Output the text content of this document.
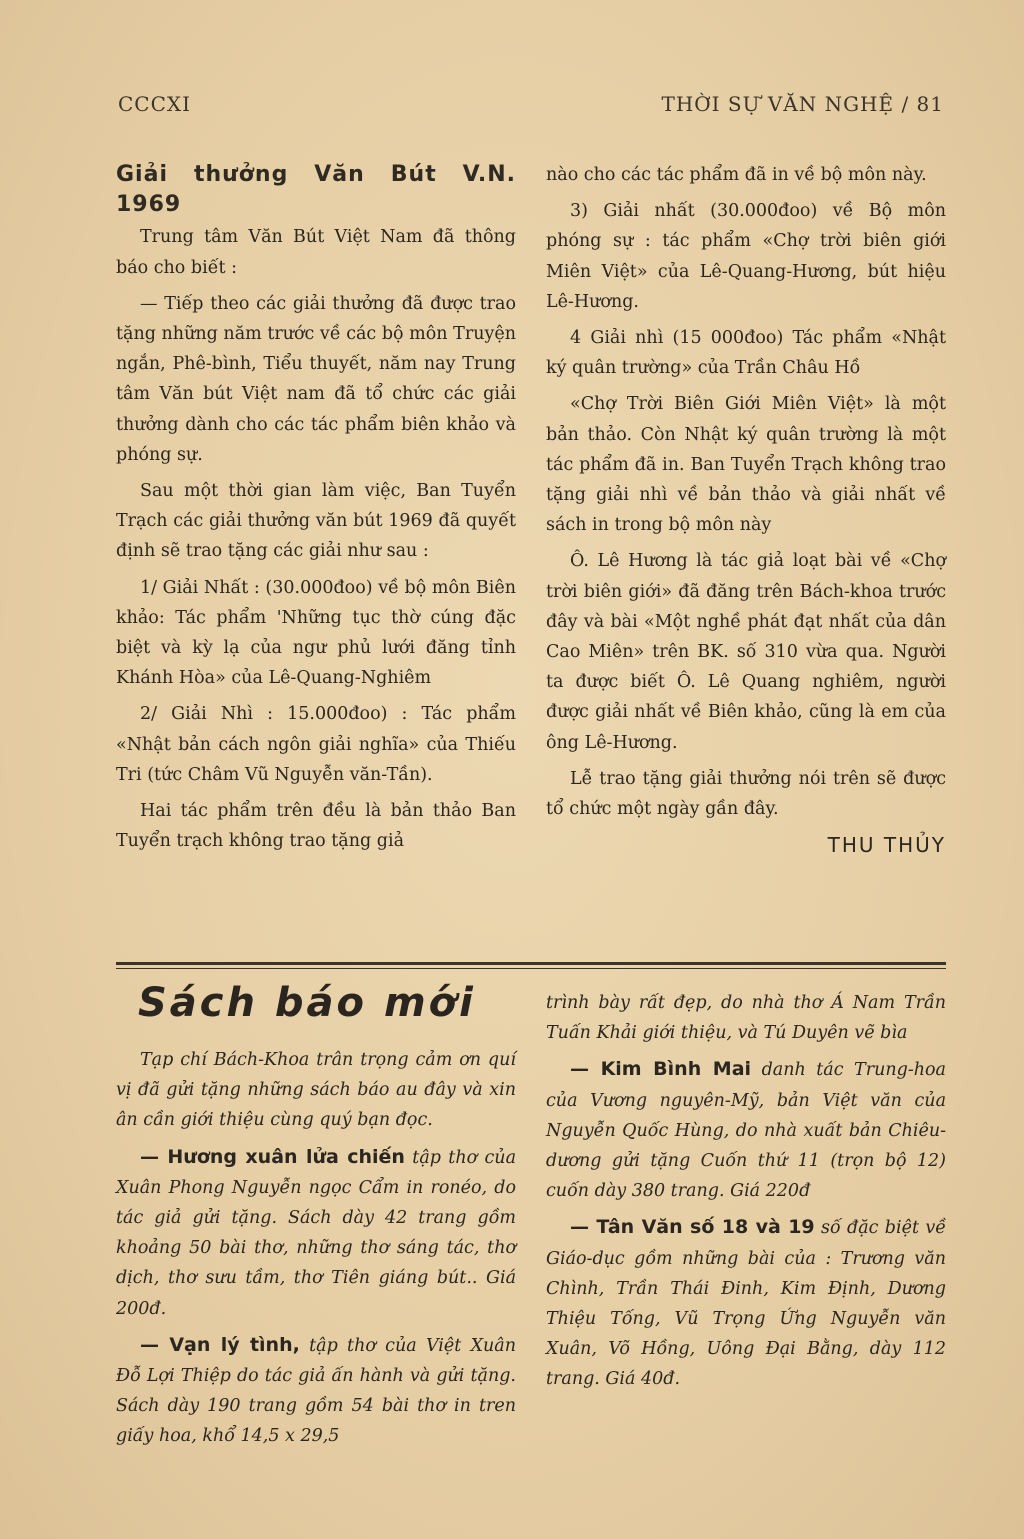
CCCXI	THỜI SỰ VĂN NGHỆ / 81

Giải thưởng Văn Bút V.N. 1969

Trung tâm Văn Bút Việt Nam đã thông báo cho biết :

— Tiếp theo các giải thưởng đã được trao tặng những năm trước về các bộ môn Truyện ngắn, Phê-bình, Tiểu thuyết, năm nay Trung tâm Văn bút Việt nam đã tổ chức các giải thưởng dành cho các tác phẩm biên khảo và phóng sự.

Sau một thời gian làm việc, Ban Tuyển Trạch các giải thưởng văn bút 1969 đã quyết định sẽ trao tặng các giải như sau :

1/ Giải Nhất : (30.000đoo) về bộ môn Biên khảo: Tác phẩm 'Những tục thờ cúng đặc biệt và kỳ lạ của ngư phủ lưới đăng tỉnh Khánh Hòa» của Lê-Quang-Nghiêm

2/ Giải Nhì : 15.000đoo) : Tác phẩm «Nhật bản cách ngôn giải nghĩa» của Thiếu Tri (tức Châm Vũ Nguyễn văn-Tần).

Hai tác phẩm trên đều là bản thảo Ban Tuyển trạch không trao tặng giả

nào cho các tác phẩm đã in về bộ môn này.

3) Giải nhất (30.000đoo) về Bộ môn phóng sự : tác phẩm «Chợ trời biên giới Miên Việt» của Lê-Quang-Hương, bút hiệu Lê-Hương.

4 Giải nhì (15 000đoo) Tác phẩm «Nhật ký quân trường» của Trần Châu Hồ

«Chợ Trời Biên Giới Miên Việt» là một bản thảo. Còn Nhật ký quân trường là một tác phẩm đã in. Ban Tuyển Trạch không trao tặng giải nhì về bản thảo và giải nhất về sách in trong bộ môn này

Ô. Lê Hương là tác giả loạt bài về «Chợ trời biên giới» đã đăng trên Bách-khoa trước đây và bài «Một nghề phát đạt nhất của dân Cao Miên» trên BK. số 310 vừa qua. Người ta được biết Ô. Lê Quang nghiêm, người được giải nhất về Biên khảo, cũng là em của ông Lê-Hương.

Lễ trao tặng giải thưởng nói trên sẽ được tổ chức một ngày gần đây.

THU THỦY

Sách báo mới

Tạp chí Bách-Khoa trân trọng cảm ơn quí vị đã gửi tặng những sách báo au đây và xin ân cần giới thiệu cùng quý bạn đọc.

— Hương xuân lửa chiến tập thơ của Xuân Phong Nguyễn ngọc Cẩm in ronéo, do tác giả gửi tặng. Sách dày 42 trang gồm khoảng 50 bài thơ, những thơ sáng tác, thơ dịch, thơ sưu tầm, thơ Tiên giáng bút.. Giá 200đ.

— Vạn lý tình, tập thơ của Việt Xuân Đỗ Lợi Thiệp do tác giả ấn hành và gửi tặng. Sách dày 190 trang gồm 54 bài thơ in tren giấy hoa, khổ 14,5 x 29,5

trình bày rất đẹp, do nhà thơ Á Nam Trần Tuấn Khải giới thiệu, và Tú Duyên vẽ bìa

— Kim Bình Mai danh tác Trung-hoa của Vương nguyên-Mỹ, bản Việt văn của Nguyễn Quốc Hùng, do nhà xuất bản Chiêu-dương gửi tặng Cuốn thứ 11 (trọn bộ 12) cuốn dày 380 trang. Giá 220đ

— Tân Văn số 18 và 19 số đặc biệt về Giáo-dục gồm những bài của : Trương văn Chình, Trần Thái Đinh, Kim Định, Dương Thiệu Tống, Vũ Trọng Ứng Nguyễn văn Xuân, Võ Hồng, Uông Đại Bằng, dày 112 trang. Giá 40đ.
